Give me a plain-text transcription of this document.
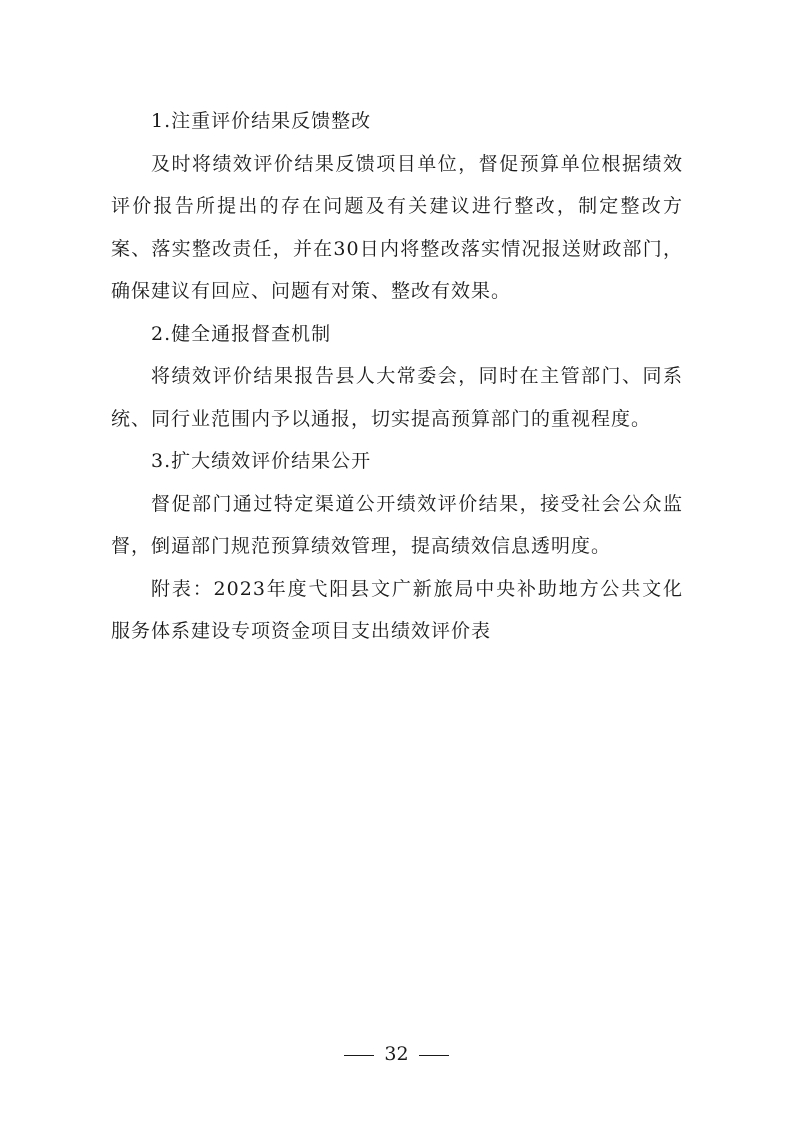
1.注重评价结果反馈整改

及时将绩效评价结果反馈项目单位，督促预算单位根据绩效评价报告所提出的存在问题及有关建议进行整改，制定整改方案、落实整改责任，并在30日内将整改落实情况报送财政部门，确保建议有回应、问题有对策、整改有效果。

2.健全通报督查机制

将绩效评价结果报告县人大常委会，同时在主管部门、同系统、同行业范围内予以通报，切实提高预算部门的重视程度。

3.扩大绩效评价结果公开

督促部门通过特定渠道公开绩效评价结果，接受社会公众监督，倒逼部门规范预算绩效管理，提高绩效信息透明度。

附表：2023年度弋阳县文广新旅局中央补助地方公共文化服务体系建设专项资金项目支出绩效评价表

32
